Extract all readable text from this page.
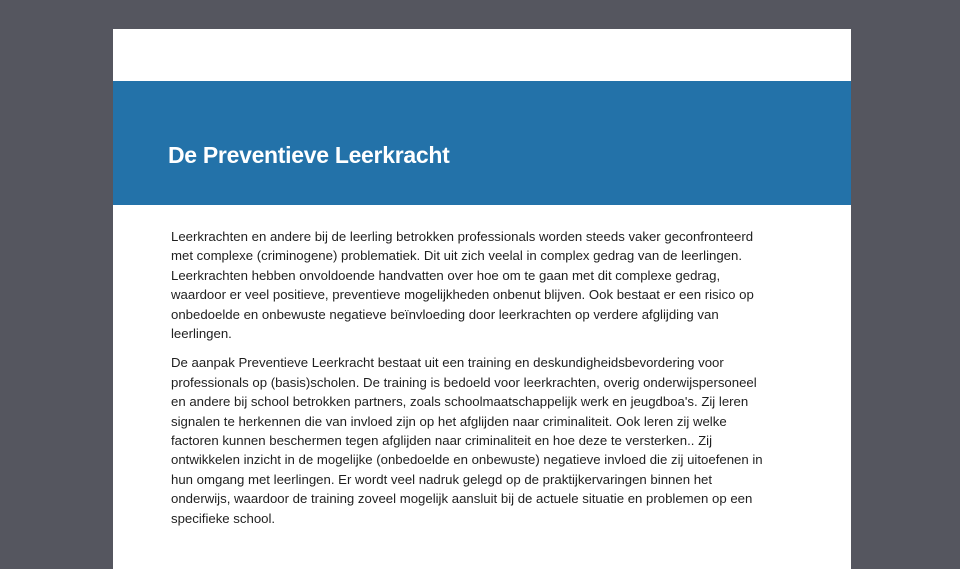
De Preventieve Leerkracht

Leerkrachten en andere bij de leerling betrokken professionals worden steeds vaker geconfronteerd
met complexe (criminogene) problematiek. Dit uit zich veelal in complex gedrag van de leerlingen.
Leerkrachten hebben onvoldoende handvatten over hoe om te gaan met dit complexe gedrag,
waardoor er veel positieve, preventieve mogelijkheden onbenut blijven. Ook bestaat er een risico op
onbedoelde en onbewuste negatieve beïnvloeding door leerkrachten op verdere afglijding van
leerlingen.

De aanpak Preventieve Leerkracht bestaat uit een training en deskundigheidsbevordering voor
professionals op (basis)scholen. De training is bedoeld voor leerkrachten, overig onderwijspersoneel
en andere bij school betrokken partners, zoals schoolmaatschappelijk werk en jeugdboa's. Zij leren
signalen te herkennen die van invloed zijn op het afglijden naar criminaliteit. Ook leren zij welke
factoren kunnen beschermen tegen afglijden naar criminaliteit en hoe deze te versterken.. Zij
ontwikkelen inzicht in de mogelijke (onbedoelde en onbewuste) negatieve invloed die zij uitoefenen in
hun omgang met leerlingen. Er wordt veel nadruk gelegd op de praktijkervaringen binnen het
onderwijs, waardoor de training zoveel mogelijk aansluit bij de actuele situatie en problemen op een
specifieke school.
